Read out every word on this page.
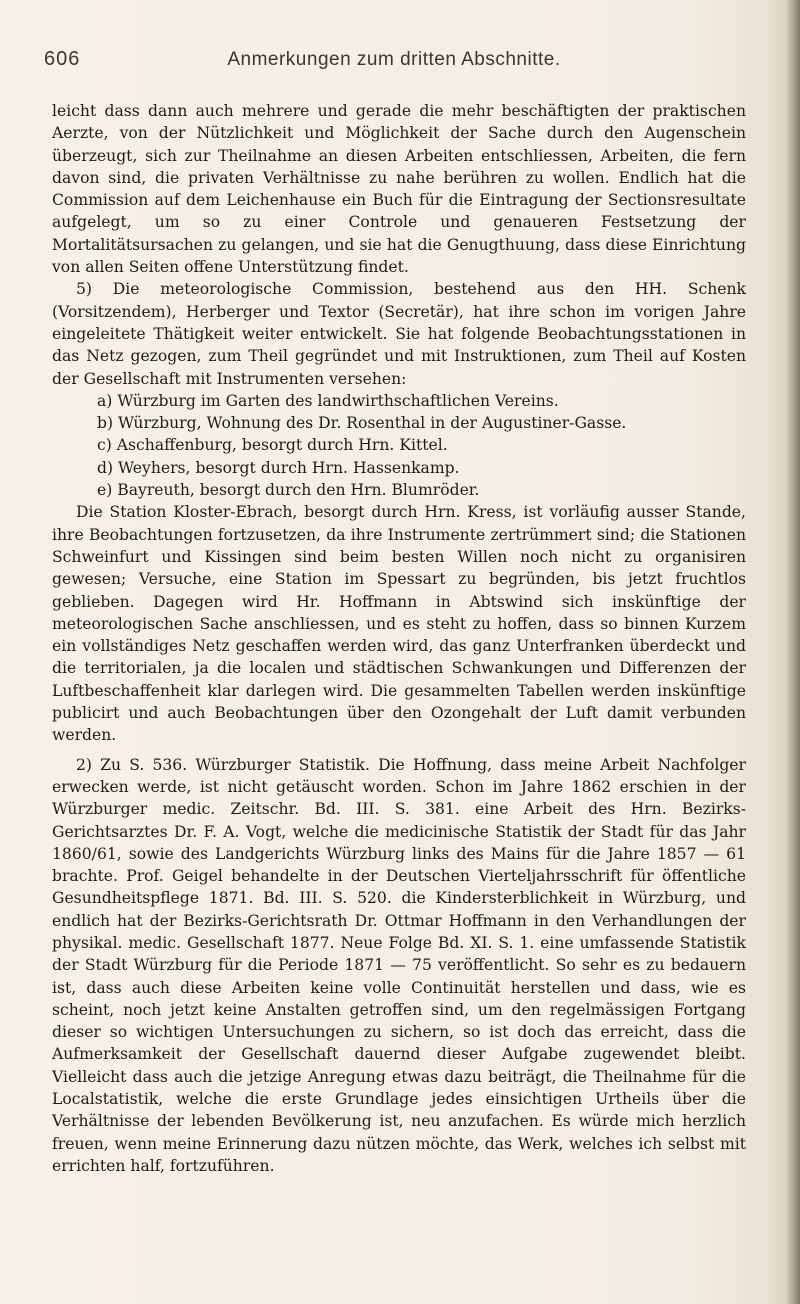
606	Anmerkungen zum dritten Abschnitte.

leicht dass dann auch mehrere und gerade die mehr beschäftigten der praktischen Aerzte, von der Nützlichkeit und Möglichkeit der Sache durch den Augenschein überzeugt, sich zur Theilnahme an diesen Arbeiten entschliessen, Arbeiten, die fern davon sind, die privaten Verhältnisse zu nahe berühren zu wollen. Endlich hat die Commission auf dem Leichenhause ein Buch für die Eintragung der Sectionsresultate aufgelegt, um so zu einer Controle und genaueren Festsetzung der Mortalitätsursachen zu gelangen, und sie hat die Genugthuung, dass diese Einrichtung von allen Seiten offene Unterstützung findet.

5) Die meteorologische Commission, bestehend aus den HH. Schenk (Vorsitzendem), Herberger und Textor (Secretär), hat ihre schon im vorigen Jahre eingeleitete Thätigkeit weiter entwickelt. Sie hat folgende Beobachtungsstationen in das Netz gezogen, zum Theil gegründet und mit Instruktionen, zum Theil auf Kosten der Gesellschaft mit Instrumenten versehen:

a) Würzburg im Garten des landwirthschaftlichen Vereins.

b) Würzburg, Wohnung des Dr. Rosenthal in der Augustiner-Gasse.

c) Aschaffenburg, besorgt durch Hrn. Kittel.

d) Weyhers, besorgt durch Hrn. Hassenkamp.

e) Bayreuth, besorgt durch den Hrn. Blumröder.

Die Station Kloster-Ebrach, besorgt durch Hrn. Kress, ist vorläufig ausser Stande, ihre Beobachtungen fortzusetzen, da ihre Instrumente zertrümmert sind; die Stationen Schweinfurt und Kissingen sind beim besten Willen noch nicht zu organisiren gewesen; Versuche, eine Station im Spessart zu begründen, bis jetzt fruchtlos geblieben. Dagegen wird Hr. Hoffmann in Abtswind sich inskünftige der meteorologischen Sache anschliessen, und es steht zu hoffen, dass so binnen Kurzem ein vollständiges Netz geschaffen werden wird, das ganz Unterfranken überdeckt und die territorialen, ja die localen und städtischen Schwankungen und Differenzen der Luftbeschaffenheit klar darlegen wird. Die gesammelten Tabellen werden inskünftige publicirt und auch Beobachtungen über den Ozongehalt der Luft damit verbunden werden.

2) Zu S. 536. Würzburger Statistik. Die Hoffnung, dass meine Arbeit Nachfolger erwecken werde, ist nicht getäuscht worden. Schon im Jahre 1862 erschien in der Würzburger medic. Zeitschr. Bd. III. S. 381. eine Arbeit des Hrn. Bezirks-Gerichtsarztes Dr. F. A. Vogt, welche die medicinische Statistik der Stadt für das Jahr 1860/61, sowie des Landgerichts Würzburg links des Mains für die Jahre 1857 — 61 brachte. Prof. Geigel behandelte in der Deutschen Vierteljahrsschrift für öffentliche Gesundheitspflege 1871. Bd. III. S. 520. die Kindersterblichkeit in Würzburg, und endlich hat der Bezirks-Gerichtsrath Dr. Ottmar Hoffmann in den Verhandlungen der physikal. medic. Gesellschaft 1877. Neue Folge Bd. XI. S. 1. eine umfassende Statistik der Stadt Würzburg für die Periode 1871 — 75 veröffentlicht. So sehr es zu bedauern ist, dass auch diese Arbeiten keine volle Continuität herstellen und dass, wie es scheint, noch jetzt keine Anstalten getroffen sind, um den regelmässigen Fortgang dieser so wichtigen Untersuchungen zu sichern, so ist doch das erreicht, dass die Aufmerksamkeit der Gesellschaft dauernd dieser Aufgabe zugewendet bleibt. Vielleicht dass auch die jetzige Anregung etwas dazu beiträgt, die Theilnahme für die Localstatistik, welche die erste Grundlage jedes einsichtigen Urtheils über die Verhältnisse der lebenden Bevölkerung ist, neu anzufachen. Es würde mich herzlich freuen, wenn meine Erinnerung dazu nützen möchte, das Werk, welches ich selbst mit errichten half, fortzuführen.
